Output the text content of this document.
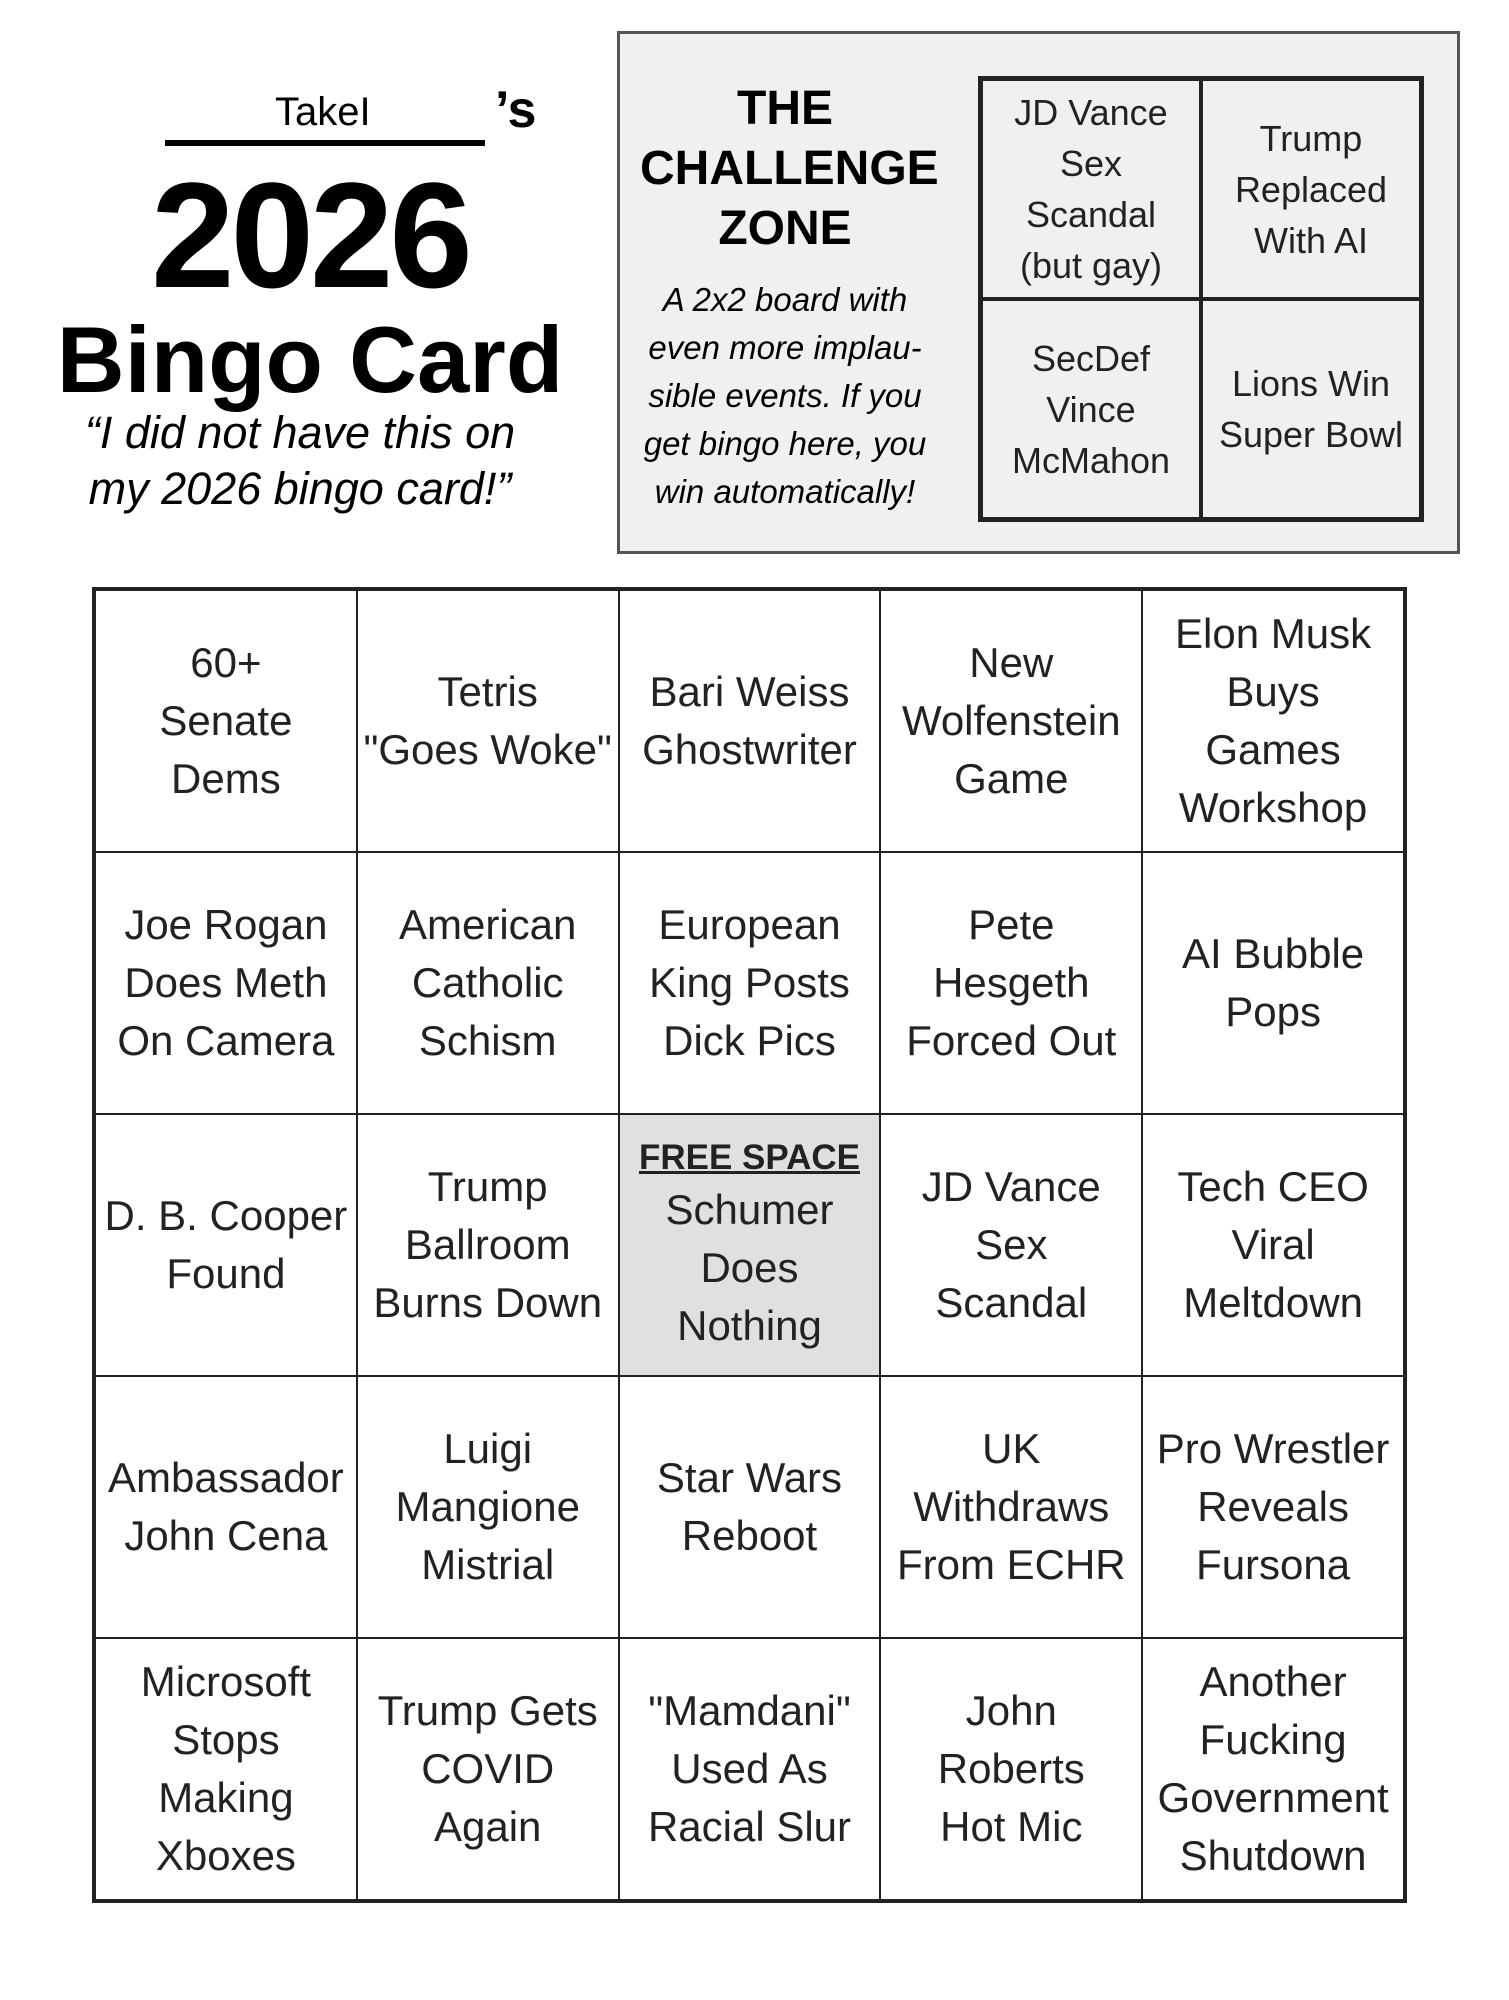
TakeI ’s
2026
Bingo Card
“I did not have this on
my 2026 bingo card!”
THE
CHALLENGE
ZONE
A 2x2 board with
even more implau-
sible events. If you
get bingo here, you
win automatically!
JD Vance
Sex
Scandal
(but gay)
Trump
Replaced
With AI
SecDef
Vince
McMahon
Lions Win
Super Bowl
60+
Senate
Dems
Tetris
"Goes Woke"
Bari Weiss
Ghostwriter
New
Wolfenstein
Game
Elon Musk
Buys
Games
Workshop
Joe Rogan
Does Meth
On Camera
American
Catholic
Schism
European
King Posts
Dick Pics
Pete
Hesgeth
Forced Out
AI Bubble
Pops
D. B. Cooper
Found
Trump
Ballroom
Burns Down
FREE SPACE
Schumer
Does
Nothing
JD Vance
Sex
Scandal
Tech CEO
Viral
Meltdown
Ambassador
John Cena
Luigi
Mangione
Mistrial
Star Wars
Reboot
UK
Withdraws
From ECHR
Pro Wrestler
Reveals
Fursona
Microsoft
Stops Making
Xboxes
Trump Gets
COVID
Again
"Mamdani"
Used As
Racial Slur
John
Roberts
Hot Mic
Another
Fucking
Government
Shutdown
